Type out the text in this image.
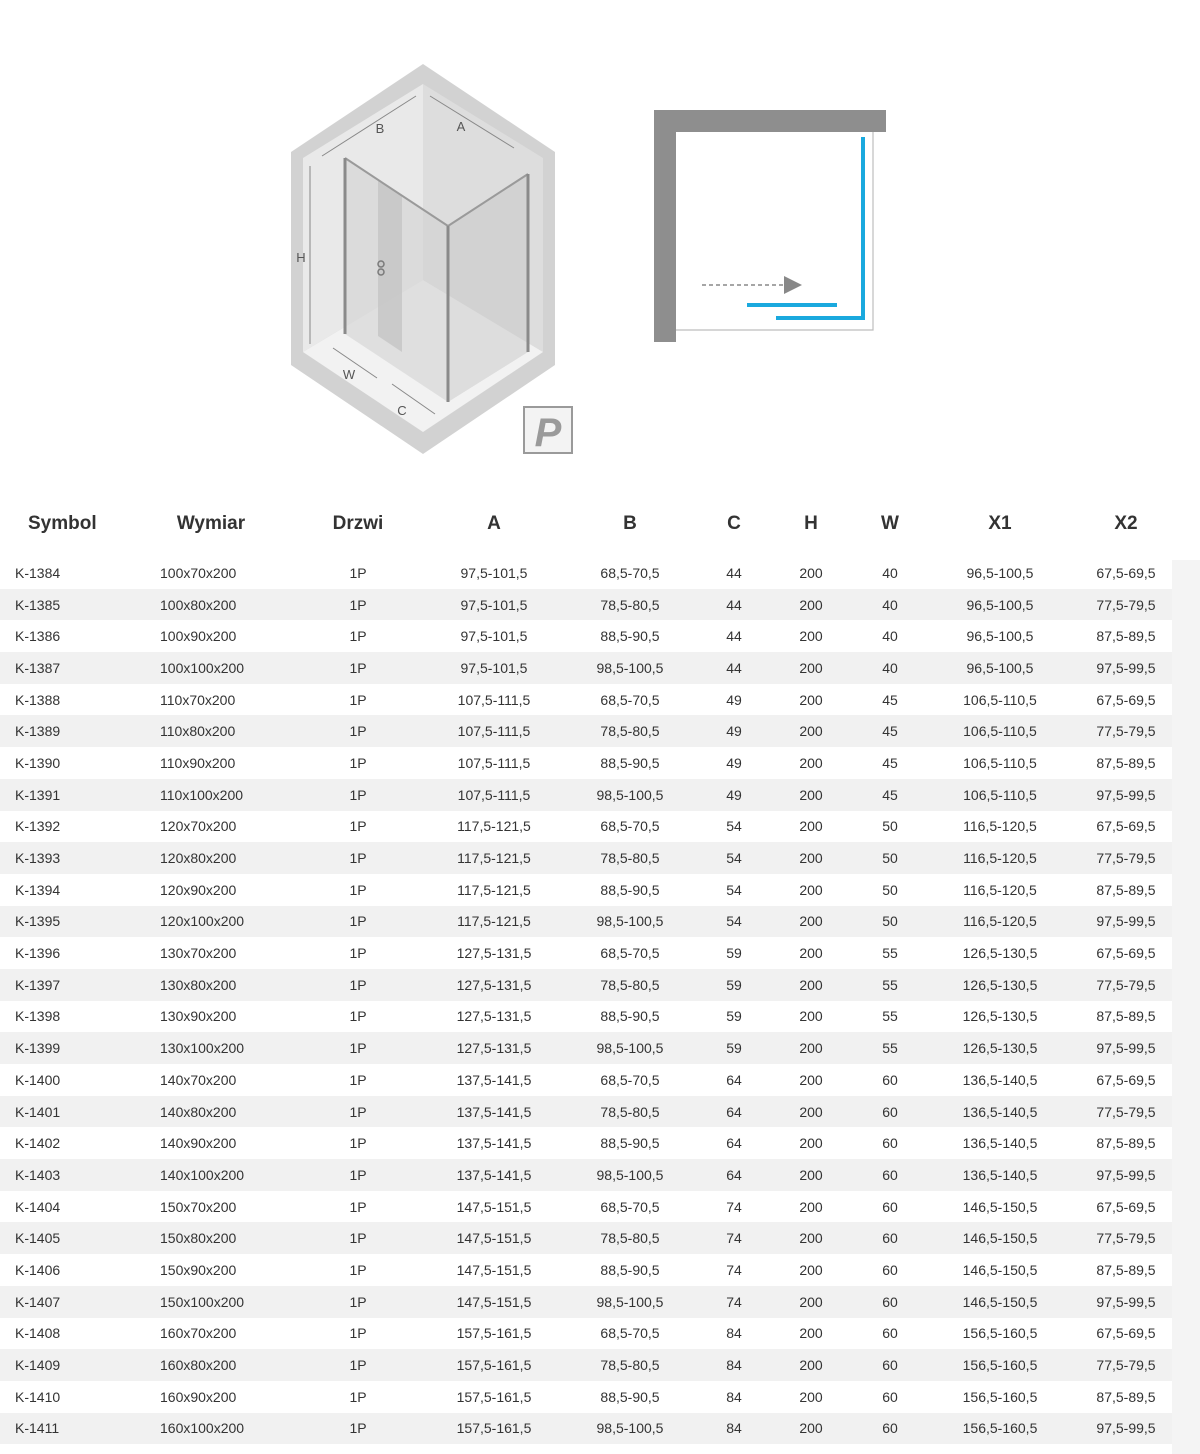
B	A
H
W
C
P
Symbol	Wymiar	Drzwi	A	B	C	H	W	X1	X2

K-1384	100x70x200	1P	97,5-101,5	68,5-70,5	44	200	40	96,5-100,5	67,5-69,5
K-1385	100x80x200	1P	97,5-101,5	78,5-80,5	44	200	40	96,5-100,5	77,5-79,5
K-1386	100x90x200	1P	97,5-101,5	88,5-90,5	44	200	40	96,5-100,5	87,5-89,5
K-1387	100x100x200	1P	97,5-101,5	98,5-100,5	44	200	40	96,5-100,5	97,5-99,5
K-1388	110x70x200	1P	107,5-111,5	68,5-70,5	49	200	45	106,5-110,5	67,5-69,5
K-1389	110x80x200	1P	107,5-111,5	78,5-80,5	49	200	45	106,5-110,5	77,5-79,5
K-1390	110x90x200	1P	107,5-111,5	88,5-90,5	49	200	45	106,5-110,5	87,5-89,5
K-1391	110x100x200	1P	107,5-111,5	98,5-100,5	49	200	45	106,5-110,5	97,5-99,5
K-1392	120x70x200	1P	117,5-121,5	68,5-70,5	54	200	50	116,5-120,5	67,5-69,5
K-1393	120x80x200	1P	117,5-121,5	78,5-80,5	54	200	50	116,5-120,5	77,5-79,5
K-1394	120x90x200	1P	117,5-121,5	88,5-90,5	54	200	50	116,5-120,5	87,5-89,5
K-1395	120x100x200	1P	117,5-121,5	98,5-100,5	54	200	50	116,5-120,5	97,5-99,5
K-1396	130x70x200	1P	127,5-131,5	68,5-70,5	59	200	55	126,5-130,5	67,5-69,5
K-1397	130x80x200	1P	127,5-131,5	78,5-80,5	59	200	55	126,5-130,5	77,5-79,5
K-1398	130x90x200	1P	127,5-131,5	88,5-90,5	59	200	55	126,5-130,5	87,5-89,5
K-1399	130x100x200	1P	127,5-131,5	98,5-100,5	59	200	55	126,5-130,5	97,5-99,5
K-1400	140x70x200	1P	137,5-141,5	68,5-70,5	64	200	60	136,5-140,5	67,5-69,5
K-1401	140x80x200	1P	137,5-141,5	78,5-80,5	64	200	60	136,5-140,5	77,5-79,5
K-1402	140x90x200	1P	137,5-141,5	88,5-90,5	64	200	60	136,5-140,5	87,5-89,5
K-1403	140x100x200	1P	137,5-141,5	98,5-100,5	64	200	60	136,5-140,5	97,5-99,5
K-1404	150x70x200	1P	147,5-151,5	68,5-70,5	74	200	60	146,5-150,5	67,5-69,5
K-1405	150x80x200	1P	147,5-151,5	78,5-80,5	74	200	60	146,5-150,5	77,5-79,5
K-1406	150x90x200	1P	147,5-151,5	88,5-90,5	74	200	60	146,5-150,5	87,5-89,5
K-1407	150x100x200	1P	147,5-151,5	98,5-100,5	74	200	60	146,5-150,5	97,5-99,5
K-1408	160x70x200	1P	157,5-161,5	68,5-70,5	84	200	60	156,5-160,5	67,5-69,5
K-1409	160x80x200	1P	157,5-161,5	78,5-80,5	84	200	60	156,5-160,5	77,5-79,5
K-1410	160x90x200	1P	157,5-161,5	88,5-90,5	84	200	60	156,5-160,5	87,5-89,5
K-1411	160x100x200	1P	157,5-161,5	98,5-100,5	84	200	60	156,5-160,5	97,5-99,5
